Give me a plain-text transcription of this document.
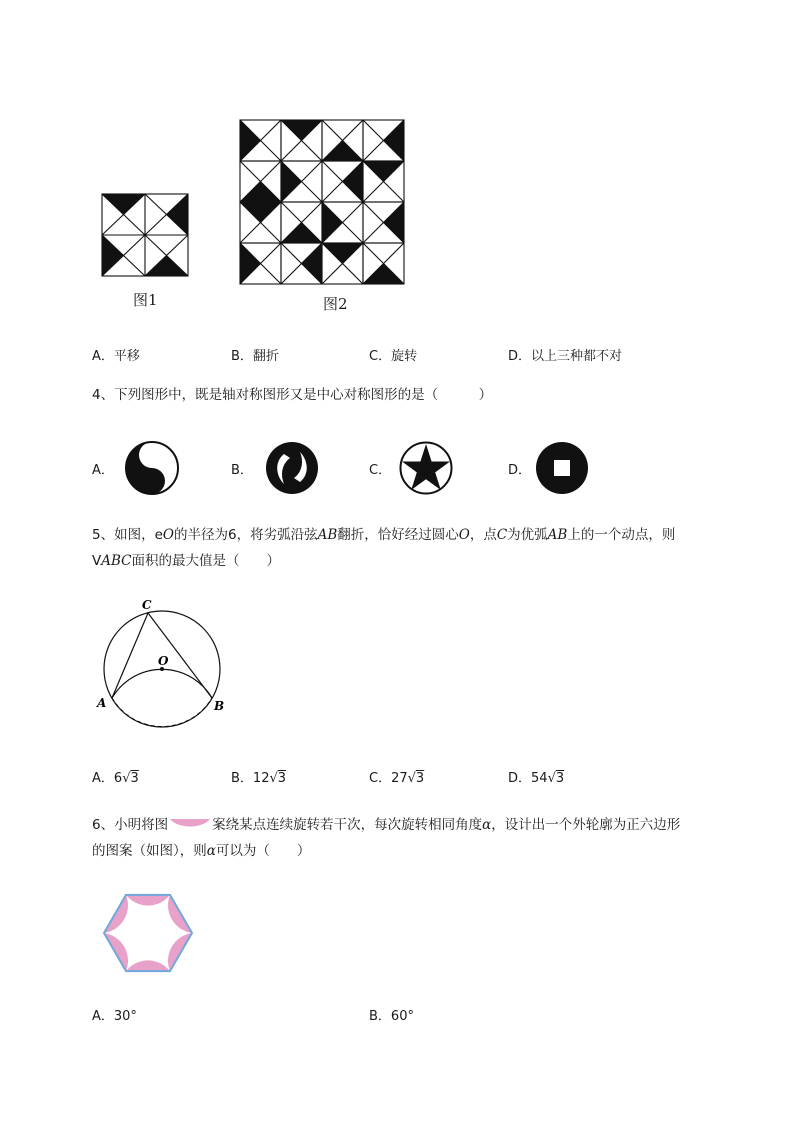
图1	图2
A．平移	B．翻折	C．旋转	D．以上三种都不对
4、下列图形中，既是轴对称图形又是中心对称图形的是（　　　）
A．	B．	C．	D．
5、如图，eO的半径为6，将劣弧沿弦AB翻折，恰好经过圆心O，点C为优弧AB上的一个动点，则
VABC面积的最大值是（　　）
C
O
A	B
A．6√3	B．12√3	C．27√3	D．54√3
6、小明将图	案绕某点连续旋转若干次，每次旋转相同角度α，设计出一个外轮廓为正六边形
的图案（如图），则α可以为（　　）
A．30°	B．60°
